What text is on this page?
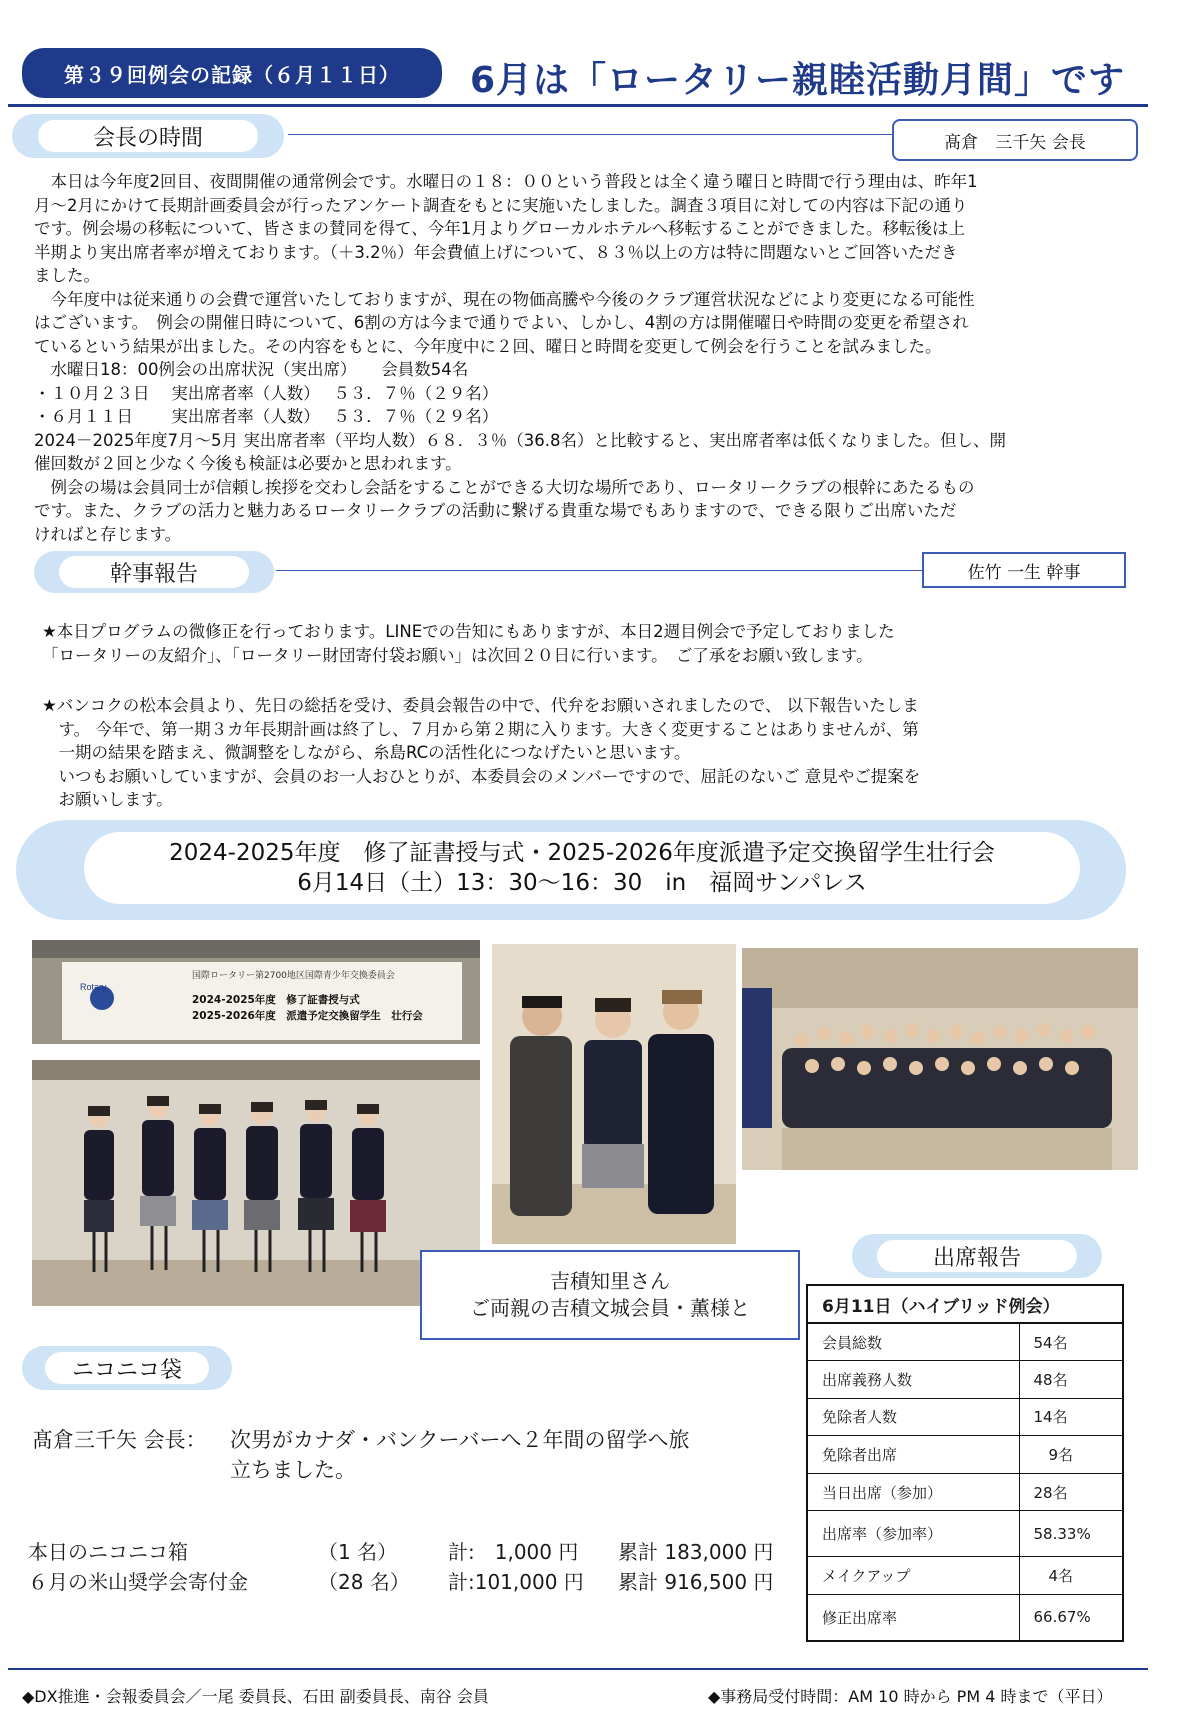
第３９回例会の記録（６月１１日）	6月は「ロータリー親睦活動月間」です
会長の時間	髙倉　三千矢 会長

　本日は今年度2回目、夜間開催の通常例会です。水曜日の１８：００という普段とは全く違う曜日と時間で行う理由は、昨年1

月～2月にかけて長期計画委員会が行ったアンケート調査をもとに実施いたしました。調査３項目に対しての内容は下記の通り

です。例会場の移転について、皆さまの賛同を得て、今年1月よりグローカルホテルへ移転することができました。移転後は上

半期より実出席者率が増えております。（＋3.2％）年会費値上げについて、８３％以上の方は特に問題ないとご回答いただき

ました。

　今年度中は従来通りの会費で運営いたしておりますが、現在の物価高騰や今後のクラブ運営状況などにより変更になる可能性

はございます。　例会の開催日時について、6割の方は今まで通りでよい、しかし、4割の方は開催曜日や時間の変更を希望され

ているという結果が出ました。その内容をもとに、今年度中に２回、曜日と時間を変更して例会を行うことを試みました。

　水曜日18：00例会の出席状況（実出席）　　会員数54名

・１０月２３日　 実出席者率（人数）　 ５３．７％（２９名）

・６月１１日　　 実出席者率（人数）　 ５３．７％（２９名）

2024－2025年度7月～5月 実出席者率（平均人数）６８．３％（36.8名）と比較すると、実出席者率は低くなりました。但し、開

催回数が２回と少なく今後も検証は必要かと思われます。

　例会の場は会員同士が信頼し挨拶を交わし会話をすることができる大切な場所であり、ロータリークラブの根幹にあたるもの

です。また、クラブの活力と魅力あるロータリークラブの活動に繋げる貴重な場でもありますので、できる限りご出席いただ

ければと存じます。

幹事報告	佐竹 一生 幹事

★本日プログラムの微修正を行っております。LINEでの告知にもありますが、本日2週目例会で予定しておりました

「ロータリーの友紹介」、「ロータリー財団寄付袋お願い」は次回２０日に行います。　ご了承をお願い致します。

★バンコクの松本会員より、先日の総括を受け、委員会報告の中で、代弁をお願いされましたので、 以下報告いたしま

　す。 今年で、第一期３カ年長期計画は終了し、７月から第２期に入ります。大きく変更することはありませんが、第

　一期の結果を踏まえ、微調整をしながら、糸島RCの活性化につなげたいと思います。

　いつもお願いしていますが、会員のお一人おひとりが、本委員会のメンバーですので、屈託のないご 意見やご提案を

　お願いします。

2024-2025年度　修了証書授与式・2025-2026年度派遣予定交換留学生壮行会
6月14日（土）13：30～16：30　in　福岡サンパレス
Rotary
国際ロータリー第2700地区国際青少年交換委員会
2024-2025年度　修了証書授与式
2025-2026年度　派遣予定交換留学生　壮行会
吉積知里さん
ご両親の吉積文城会員・薫様と
出席報告
6月11日（ハイブリッド例会）	
会員総数	54名
出席義務人数	48名
免除者人数	14名
免除者出席	　9名
当日出席（参加）	28名
出席率（参加率）	58.33%
メイクアップ	　4名
修正出席率	66.67%
ニコニコ袋
髙倉三千矢 会長： 次男がカナダ・バンクーバーへ２年間の留学へ旅
立ちました。
本日のニコニコ箱	（1 名）	計:　1,000 円 累計 183,000 円
６月の米山奨学会寄付金	（28 名） 計:101,000 円 累計 916,500 円
◆DX推進・会報委員会／一尾 委員長、石田 副委員長、南谷 会員	◆事務局受付時間：AM 10 時から PM 4 時まで（平日）
